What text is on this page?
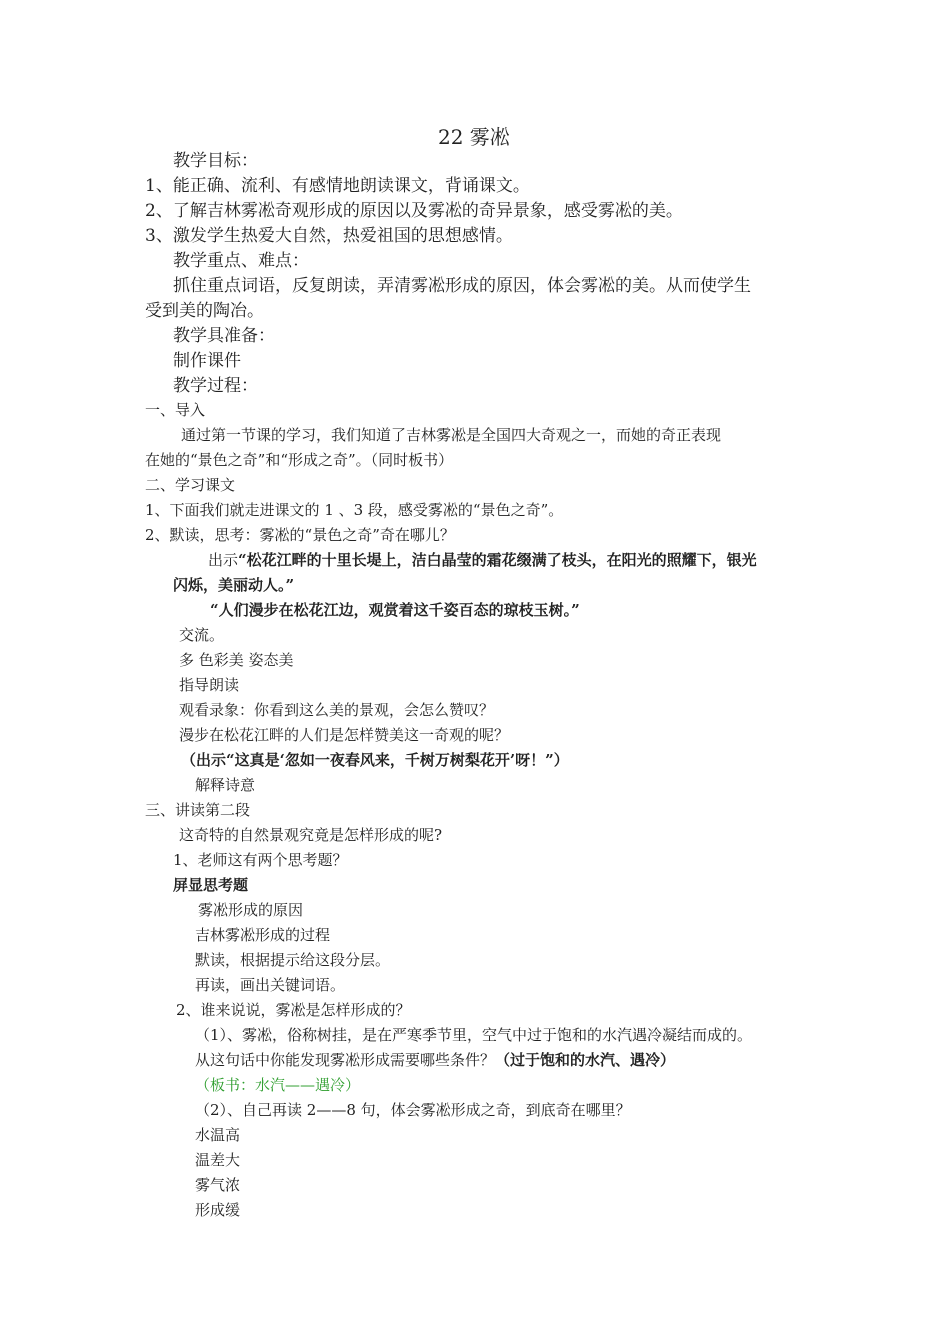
22 雾凇
教学目标：
1、能正确、流利、有感情地朗读课文，背诵课文。
2、了解吉林雾凇奇观形成的原因以及雾凇的奇异景象，感受雾凇的美。
3、激发学生热爱大自然，热爱祖国的思想感情。
教学重点、难点：
抓住重点词语，反复朗读，弄清雾凇形成的原因，体会雾凇的美。从而使学生
受到美的陶冶。
教学具准备：
制作课件
教学过程：
一、导入
通过第一节课的学习，我们知道了吉林雾凇是全国四大奇观之一，而她的奇正表现
在她的“景色之奇”和“形成之奇”。（同时板书）
二、学习课文
1、下面我们就走进课文的 1 、3 段，感受雾凇的“景色之奇”。
2、默读，思考：雾凇的“景色之奇”奇在哪儿？
出示“松花江畔的十里长堤上，洁白晶莹的霜花缀满了枝头，在阳光的照耀下，银光
闪烁，美丽动人。”
“人们漫步在松花江边，观赏着这千姿百态的琼枝玉树。”
交流。
多 色彩美 姿态美
指导朗读
观看录象：你看到这么美的景观，会怎么赞叹？
漫步在松花江畔的人们是怎样赞美这一奇观的呢？
（出示“这真是‘忽如一夜春风来，千树万树梨花开’呀！”）
解释诗意
三、讲读第二段
这奇特的自然景观究竟是怎样形成的呢?
1、老师这有两个思考题？
屏显思考题
雾凇形成的原因
吉林雾凇形成的过程
默读，根据提示给这段分层。
再读，画出关键词语。
2、谁来说说，雾凇是怎样形成的？
（1）、雾凇，俗称树挂，是在严寒季节里，空气中过于饱和的水汽遇冷凝结而成的。
从这句话中你能发现雾凇形成需要哪些条件？（过于饱和的水汽、遇冷）
（板书：水汽——遇冷）
（2）、自己再读 2——8 句，体会雾凇形成之奇，到底奇在哪里？
水温高
温差大
雾气浓
形成缓
